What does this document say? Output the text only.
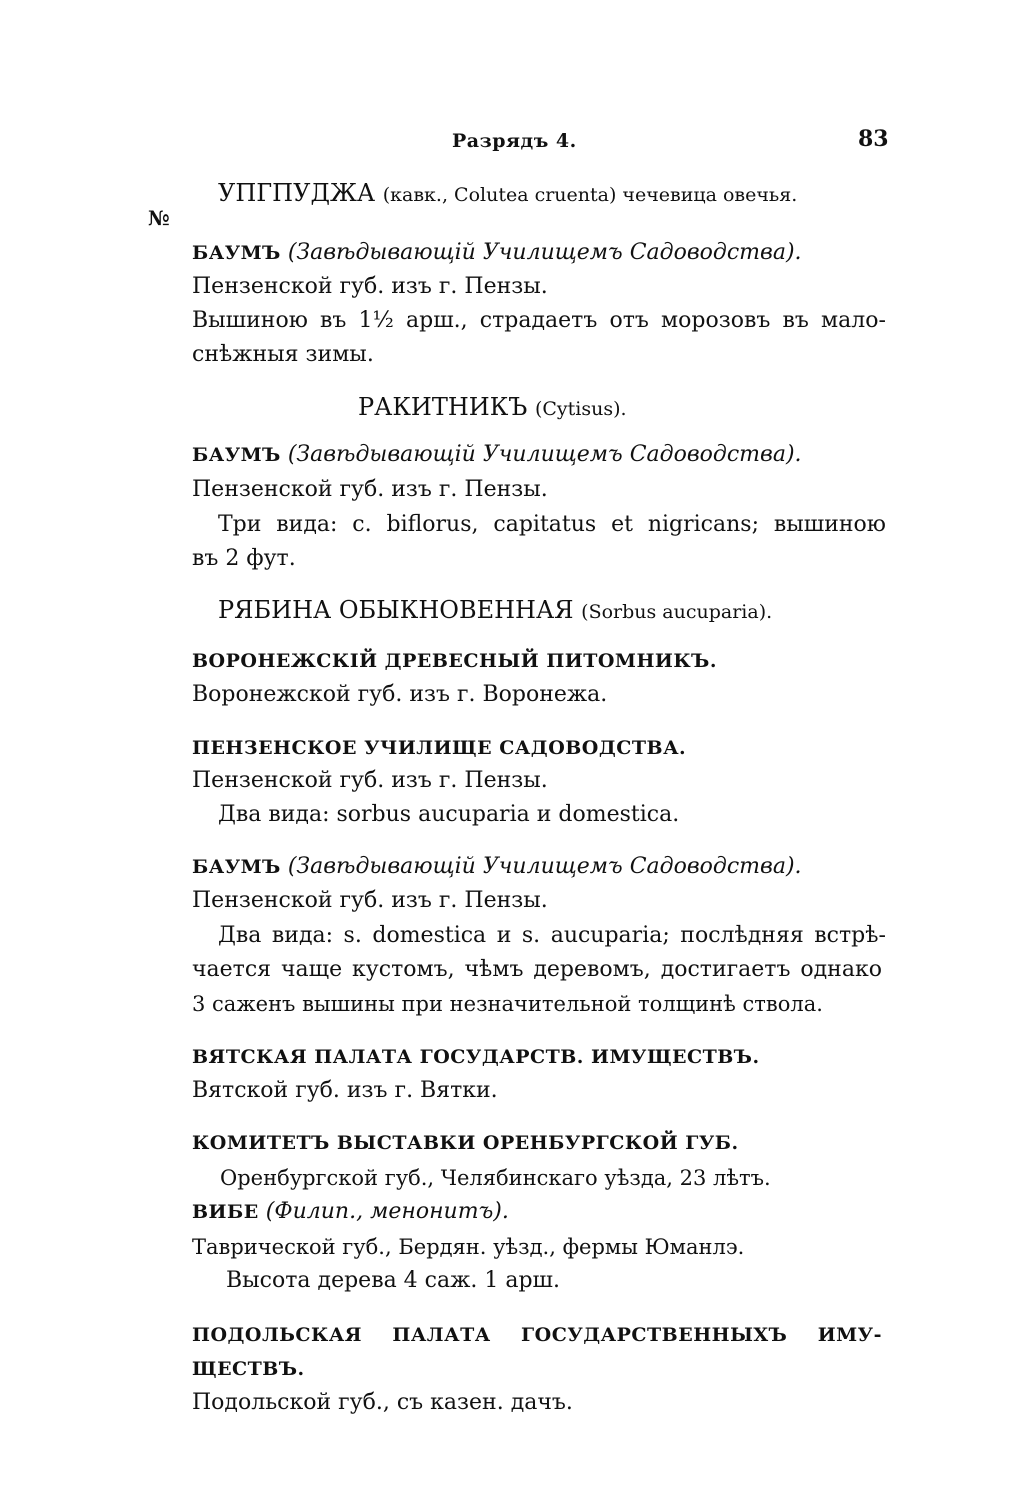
Разрядъ 4.	83
№
УПГПУДЖА (кавк., Colutea cruenta) чечевица овечья.
БАУМЪ (Завѣдывающій Училищемъ Садоводства).
Пензенской губ. изъ г. Пензы.
Вышиною въ 1½ арш., страдаетъ отъ морозовъ въ мало-
снѣжныя зимы.
РАКИТНИКЪ (Cytisus).
БАУМЪ (Завѣдывающій Училищемъ Садоводства).
Пензенской губ. изъ г. Пензы.
Три вида: c. biflorus, capitatus et nigricans; вышиною
въ 2 фут.
РЯБИНА ОБЫКНОВЕННАЯ (Sorbus aucuparia).
ВОРОНЕЖСКІЙ ДРЕВЕСНЫЙ ПИТОМНИКЪ.
Воронежской губ. изъ г. Воронежа.
ПЕНЗЕНСКОЕ УЧИЛИЩЕ САДОВОДСТВА.
Пензенской губ. изъ г. Пензы.
Два вида: sorbus aucuparia и domestica.
БАУМЪ (Завѣдывающій Училищемъ Садоводства).
Пензенской губ. изъ г. Пензы.
Два вида: s. domestica и s. aucuparia; послѣдняя встрѣ-
чается чаще кустомъ, чѣмъ деревомъ, достигаетъ однако
3 саженъ вышины при незначительной толщинѣ ствола.
ВЯТСКАЯ ПАЛАТА ГОСУДАРСТВ. ИМУЩЕСТВЪ.
Вятской губ. изъ г. Вятки.
КОМИТЕТЪ ВЫСТАВКИ ОРЕНБУРГСКОЙ ГУБ.
Оренбургской губ., Челябинскаго уѣзда, 23 лѣтъ.
ВИБЕ (Филип., менонитъ).
Таврической губ., Бердян. уѣзд., фермы Юманлэ.
Высота дерева 4 саж. 1 арш.
ПОДОЛЬСКАЯ ПАЛАТА ГОСУДАРСТВЕННЫХЪ ИМУ-
ЩЕСТВЪ.
Подольской губ., съ казен. дачъ.
